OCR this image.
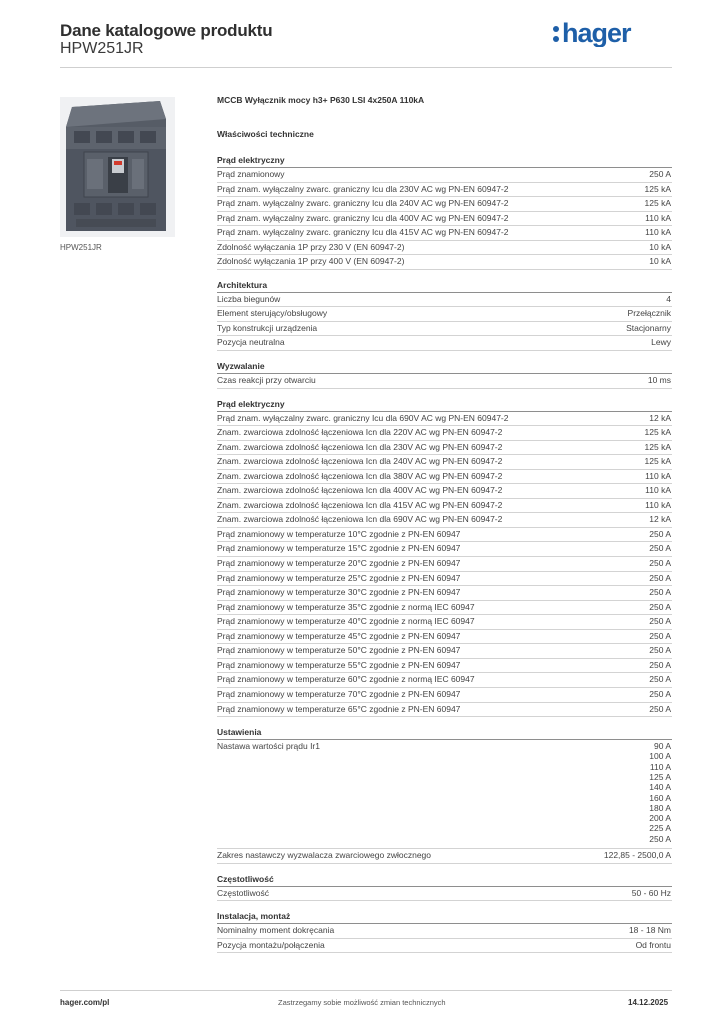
Dane katalogowe produktu
HPW251JR
hager
HPW251JR
MCCB Wyłącznik mocy h3+ P630 LSI 4x250A 110kA
Właściwości techniczne
Prąd elektryczny
Prąd znamionowy	250 A
Prąd znam. wyłączalny zwarc. graniczny Icu dla 230V AC wg PN-EN 60947-2	125 kA
Prąd znam. wyłączalny zwarc. graniczny Icu dla 240V AC wg PN-EN 60947-2	125 kA
Prąd znam. wyłączalny zwarc. graniczny Icu dla 400V AC wg PN-EN 60947-2	110 kA
Prąd znam. wyłączalny zwarc. graniczny Icu dla 415V AC wg PN-EN 60947-2	110 kA
Zdolność wyłączania 1P przy 230 V (EN 60947-2)	10 kA
Zdolność wyłączania 1P przy 400 V (EN 60947-2)	10 kA
Architektura
Liczba biegunów	4
Element sterujący/obsługowy	Przełącznik
Typ konstrukcji urządzenia	Stacjonarny
Pozycja neutralna	Lewy
Wyzwalanie
Czas reakcji przy otwarciu	10 ms
Prąd elektryczny
Prąd znam. wyłączalny zwarc. graniczny Icu dla 690V AC wg PN-EN 60947-2	12 kA
Znam. zwarciowa zdolność łączeniowa Icn dla 220V AC wg PN-EN 60947-2	125 kA
Znam. zwarciowa zdolność łączeniowa Icn dla 230V AC wg PN-EN 60947-2	125 kA
Znam. zwarciowa zdolność łączeniowa Icn dla 240V AC wg PN-EN 60947-2	125 kA
Znam. zwarciowa zdolność łączeniowa Icn dla 380V AC wg PN-EN 60947-2	110 kA
Znam. zwarciowa zdolność łączeniowa Icn dla 400V AC wg PN-EN 60947-2	110 kA
Znam. zwarciowa zdolność łączeniowa Icn dla 415V AC wg PN-EN 60947-2	110 kA
Znam. zwarciowa zdolność łączeniowa Icn dla 690V AC wg PN-EN 60947-2	12 kA
Prąd znamionowy w temperaturze 10°C zgodnie z PN-EN 60947	250 A
Prąd znamionowy w temperaturze 15°C zgodnie z PN-EN 60947	250 A
Prąd znamionowy w temperaturze 20°C zgodnie z PN-EN 60947	250 A
Prąd znamionowy w temperaturze 25°C zgodnie z PN-EN 60947	250 A
Prąd znamionowy w temperaturze 30°C zgodnie z PN-EN 60947	250 A
Prąd znamionowy w temperaturze 35°C zgodnie z normą IEC 60947	250 A
Prąd znamionowy w temperaturze 40°C zgodnie z normą IEC 60947	250 A
Prąd znamionowy w temperaturze 45°C zgodnie z PN-EN 60947	250 A
Prąd znamionowy w temperaturze 50°C zgodnie z PN-EN 60947	250 A
Prąd znamionowy w temperaturze 55°C zgodnie z PN-EN 60947	250 A
Prąd znamionowy w temperaturze 60°C zgodnie z normą IEC 60947	250 A
Prąd znamionowy w temperaturze 70°C zgodnie z PN-EN 60947	250 A
Prąd znamionowy w temperaturze 65°C zgodnie z PN-EN 60947	250 A
Ustawienia
Nastawa wartości prądu Ir1	90 A
100 A
110 A
125 A
140 A
160 A
180 A
200 A
225 A
250 A
Zakres nastawczy wyzwalacza zwarciowego zwłocznego	122,85 - 2500,0 A
Częstotliwość
Częstotliwość	50 - 60 Hz
Instalacja, montaż
Nominalny moment dokręcania	18 - 18 Nm
Pozycja montażu/połączenia	Od frontu
hager.com/pl	Zastrzegamy sobie możliwość zmian technicznych	14.12.2025
